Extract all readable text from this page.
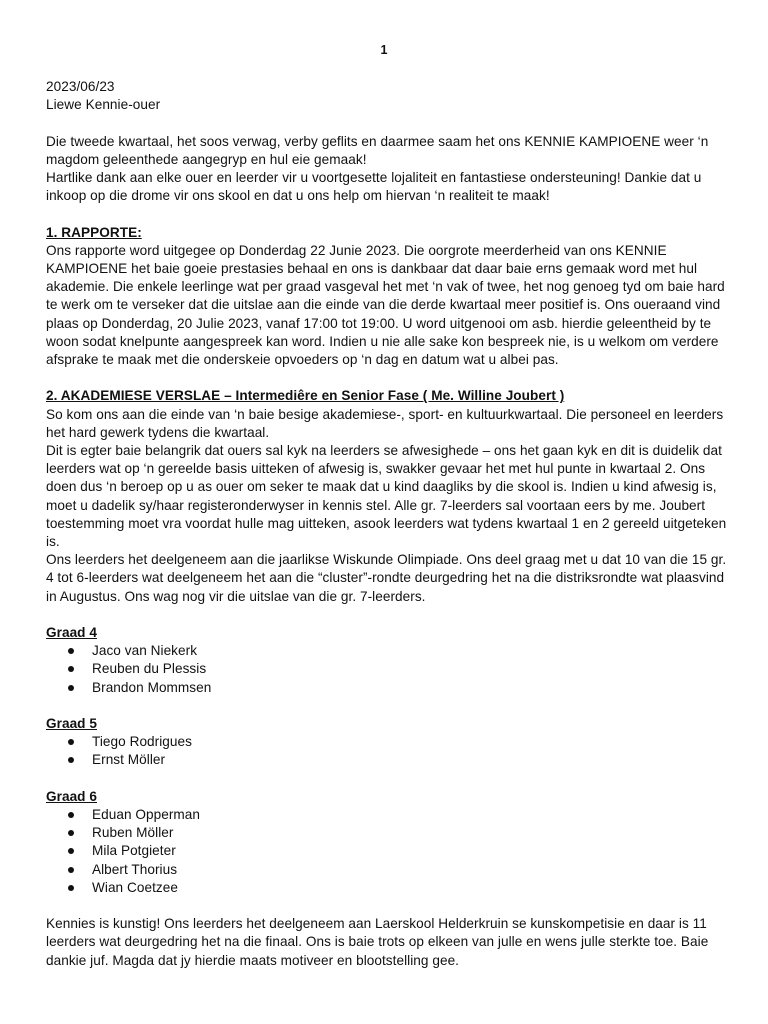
1

2023/06/23

Liewe Kennie-ouer

Die tweede kwartaal, het soos verwag, verby geflits en daarmee saam het ons KENNIE KAMPIOENE weer ‘n magdom geleenthede aangegryp en hul eie gemaak!

Hartlike dank aan elke ouer en leerder vir u voortgesette lojaliteit en fantastiese ondersteuning! Dankie dat u inkoop op die drome vir ons skool en dat u ons help om hiervan ‘n realiteit te maak!

1. RAPPORTE:

Ons rapporte word uitgegee op Donderdag 22 Junie 2023. Die oorgrote meerderheid van ons KENNIE KAMPIOENE het baie goeie prestasies behaal en ons is dankbaar dat daar baie erns gemaak word met hul akademie. Die enkele leerlinge wat per graad vasgeval het met ‘n vak of twee, het nog genoeg tyd om baie hard te werk om te verseker dat die uitslae aan die einde van die derde kwartaal meer positief is. Ons oueraand vind plaas op Donderdag, 20 Julie 2023, vanaf 17:00 tot 19:00. U word uitgenooi om asb. hierdie geleentheid by te woon sodat knelpunte aangespreek kan word. Indien u nie alle sake kon bespreek nie, is u welkom om verdere afsprake te maak met die onderskeie opvoeders op ‘n dag en datum wat u albei pas.

2. AKADEMIESE VERSLAE – Intermediêre en Senior Fase ( Me. Willine Joubert )

So kom ons aan die einde van ‘n baie besige akademiese-, sport- en kultuurkwartaal. Die personeel en leerders het hard gewerk tydens die kwartaal.

Dit is egter baie belangrik dat ouers sal kyk na leerders se afwesighede – ons het gaan kyk en dit is duidelik dat leerders wat op ‘n gereelde basis uitteken of afwesig is, swakker gevaar het met hul punte in kwartaal 2. Ons doen dus ‘n beroep op u as ouer om seker te maak dat u kind daagliks by die skool is. Indien u kind afwesig is, moet u dadelik sy/haar registeronderwyser in kennis stel. Alle gr. 7-leerders sal voortaan eers by me. Joubert toestemming moet vra voordat hulle mag uitteken, asook leerders wat tydens kwartaal 1 en 2 gereeld uitgeteken is.

Ons leerders het deelgeneem aan die jaarlikse Wiskunde Olimpiade. Ons deel graag met u dat 10 van die 15 gr. 4 tot 6-leerders wat deelgeneem het aan die “cluster”-rondte deurgedring het na die distriksrondte wat plaasvind in Augustus. Ons wag nog vir die uitslae van die gr. 7-leerders.

Graad 4

Jaco van Niekerk
Reuben du Plessis
Brandon Mommsen

Graad 5

Tiego Rodrigues
Ernst Möller

Graad 6

Eduan Opperman
Ruben Möller
Mila Potgieter
Albert Thorius
Wian Coetzee

Kennies is kunstig! Ons leerders het deelgeneem aan Laerskool Helderkruin se kunskompetisie en daar is 11 leerders wat deurgedring het na die finaal. Ons is baie trots op elkeen van julle en wens julle sterkte toe. Baie dankie juf. Magda dat jy hierdie maats motiveer en blootstelling gee.
